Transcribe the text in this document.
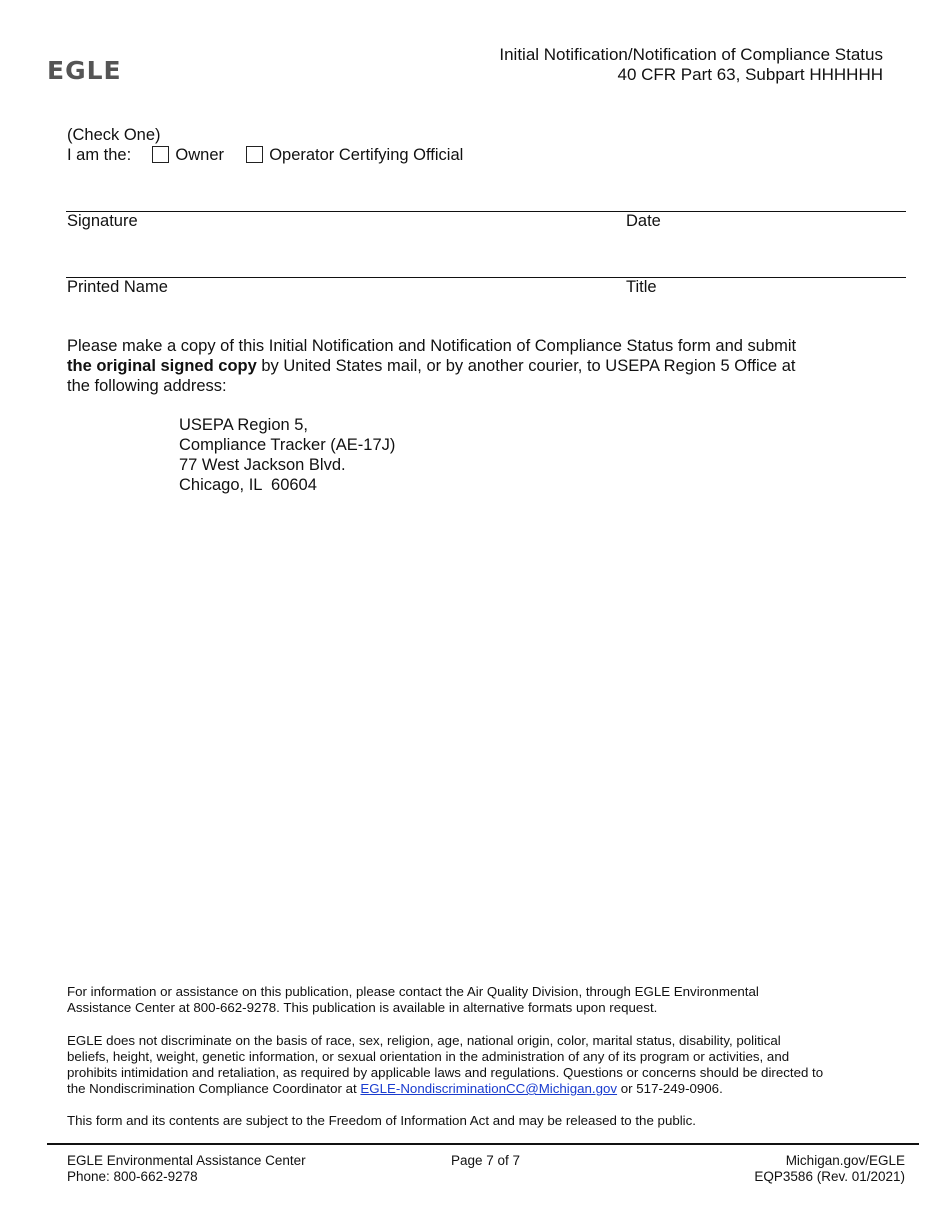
EGLE
Initial Notification/Notification of Compliance Status
40 CFR Part 63, Subpart HHHHHH
(Check One)
I am the:	Owner	Operator Certifying Official
Signature	Date
Printed Name	Title
Please make a copy of this Initial Notification and Notification of Compliance Status form and submit
the original signed copy by United States mail, or by another courier, to USEPA Region 5 Office at
the following address:
USEPA Region 5,
Compliance Tracker (AE-17J)
77 West Jackson Blvd.
Chicago, IL  60604
For information or assistance on this publication, please contact the Air Quality Division, through EGLE Environmental
Assistance Center at 800-662-9278. This publication is available in alternative formats upon request.
EGLE does not discriminate on the basis of race, sex, religion, age, national origin, color, marital status, disability, political
beliefs, height, weight, genetic information, or sexual orientation in the administration of any of its program or activities, and
prohibits intimidation and retaliation, as required by applicable laws and regulations. Questions or concerns should be directed to
the Nondiscrimination Compliance Coordinator at EGLE-NondiscriminationCC@Michigan.gov or 517-249-0906.
This form and its contents are subject to the Freedom of Information Act and may be released to the public.
EGLE Environmental Assistance Center
Phone: 800-662-9278
Page 7 of 7	Michigan.gov/EGLE
EQP3586 (Rev. 01/2021)
